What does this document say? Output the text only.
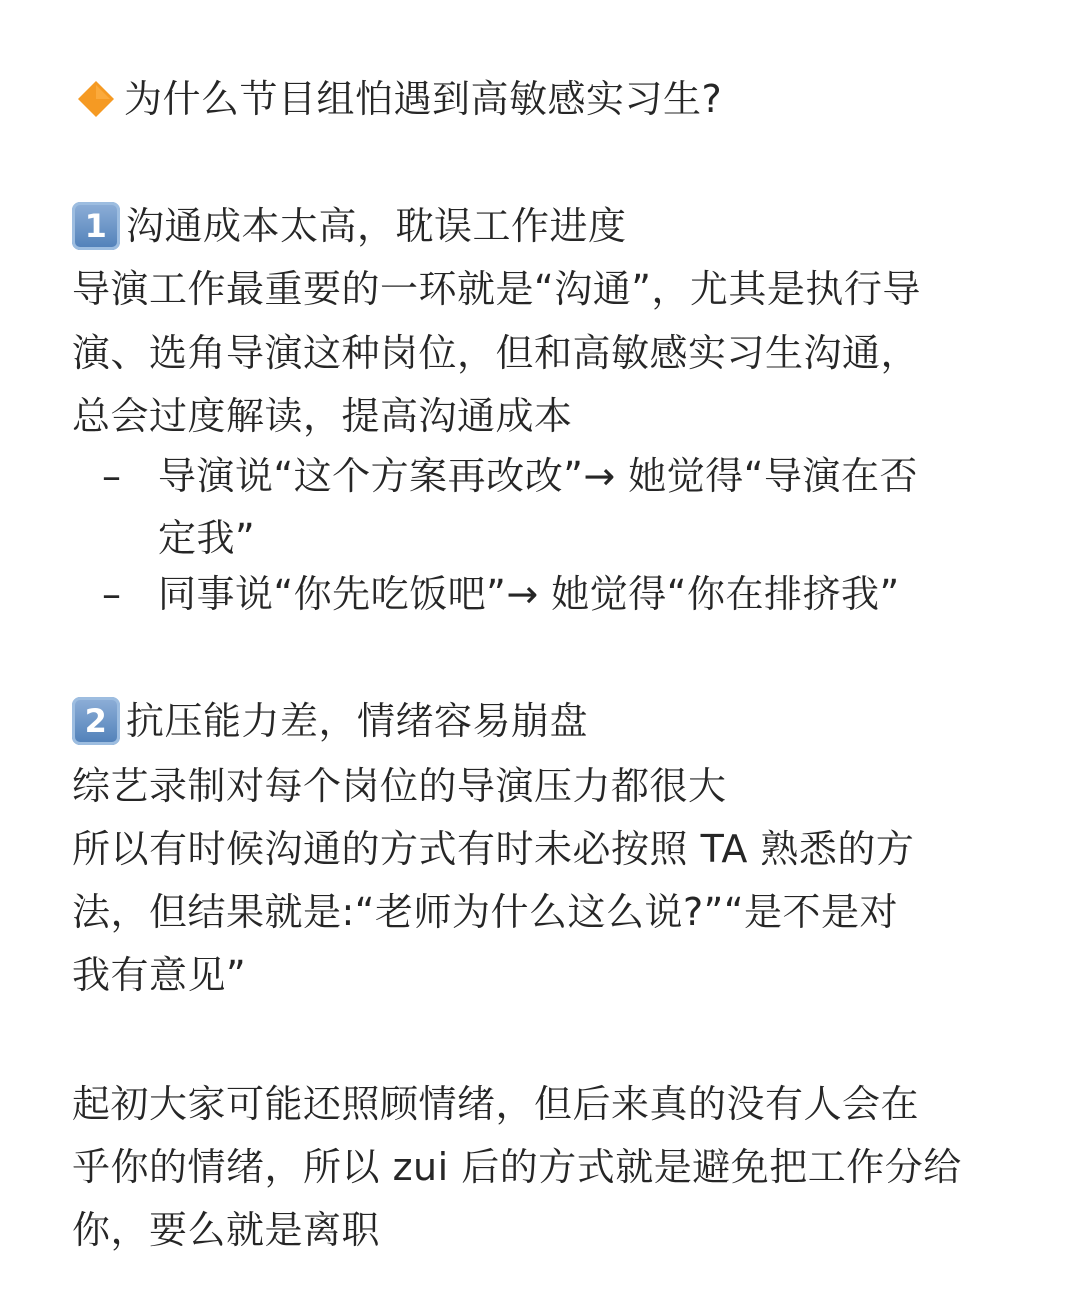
为什么节目组怕遇到高敏感实习生?
1 沟通成本太高，耽误工作进度
导演工作最重要的一环就是“沟通”，尤其是执行导
演、选角导演这种岗位，但和高敏感实习生沟通，
总会过度解读，提高沟通成本
– 导演说“这个方案再改改”→ 她觉得“导演在否
定我”
– 同事说“你先吃饭吧”→ 她觉得“你在排挤我”
2 抗压能力差，情绪容易崩盘
综艺录制对每个岗位的导演压力都很大
所以有时候沟通的方式有时未必按照 TA 熟悉的方
法，但结果就是:“老师为什么这么说?”“是不是对
我有意见”
起初大家可能还照顾情绪，但后来真的没有人会在
乎你的情绪，所以 zui 后的方式就是避免把工作分给
你，要么就是离职
